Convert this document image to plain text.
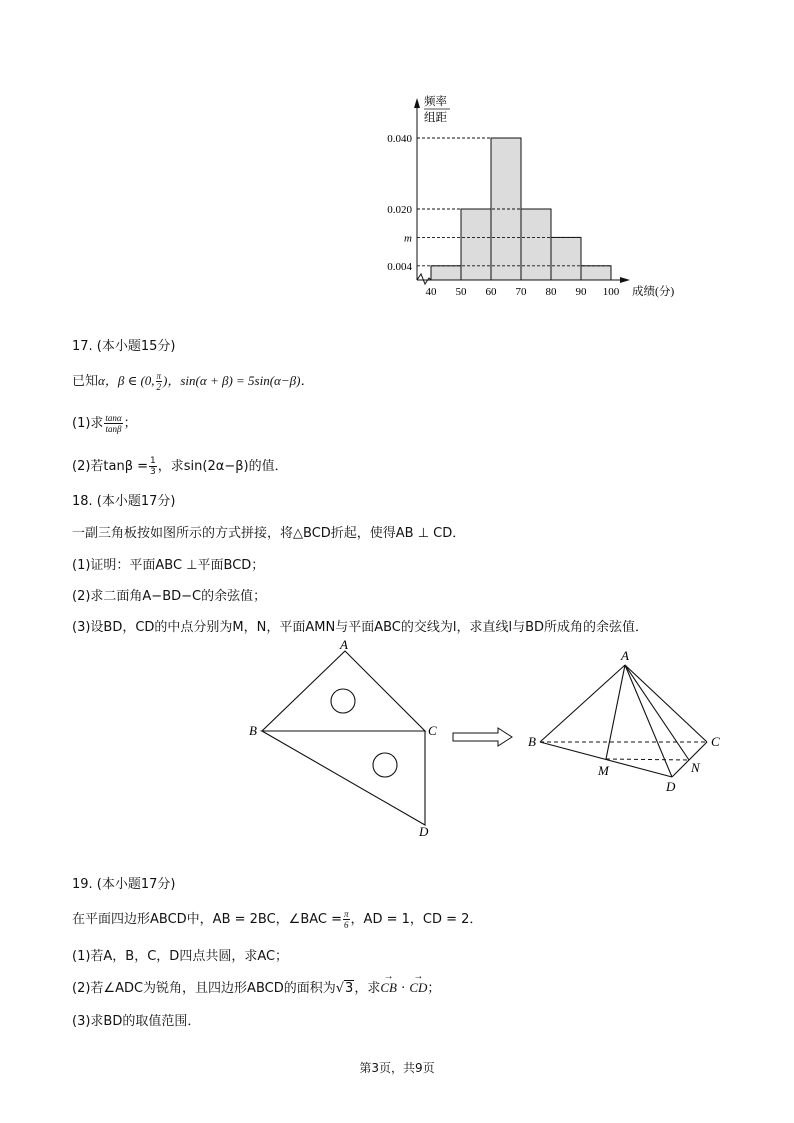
0.004
m
0.020
0.040
40 50 60 70 80 90 100 成绩(分)
频率
组距
17. (本小题15分)
已知α，β ∈ (0, $\frac{\pi}{2}$ )，sin(α + β) = 5sin(α−β)．
(1)求 $\frac{\tan\alpha}{\tan\beta}$ ；
(2)若$\tan\beta = \frac{1}{3}$ ，求sin(2α−β)的值．
18. (本小题17分)
一副三角板按如图所示的方式拼接，将△BCD折起，使得AB ⊥ CD．
(1)证明：平面ABC ⊥平面BCD；
(2)求二面角A−BD−C的余弦值；
(3)设BD，CD的中点分别为M，N，平面AMN与平面ABC的交线为l，求直线l与BD所成角的余弦值．
A
B	C
D
A
B	C
D
M	N
19. (本小题17分)
在平面四边形ABCD中，AB = 2BC，∠BAC = $\frac{\pi}{6}$ ，AD = 1，CD = 2．
(1)若A，B，C，D四点共圆，求AC；
(2)若∠ADC为锐角，且四边形ABCD的面积为√3，求→ CB · → CD；
(3)求BD的取值范围．
第3页，共9页
